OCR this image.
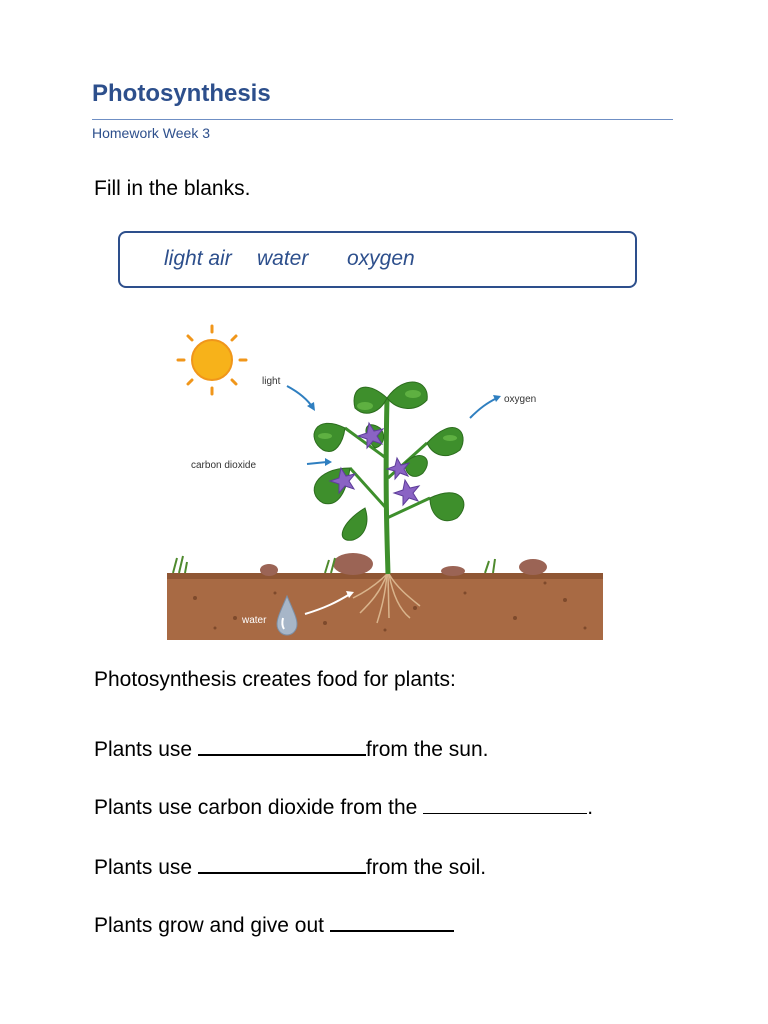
Photosynthesis
Homework Week 3
Fill in the blanks.
light air water oxygen
light
oxygen
carbon dioxide
water
Photosynthesis creates food for plants:
Plants use	from the sun.
Plants use carbon dioxide from the	.
Plants use	from the soil.
Plants grow and give out
